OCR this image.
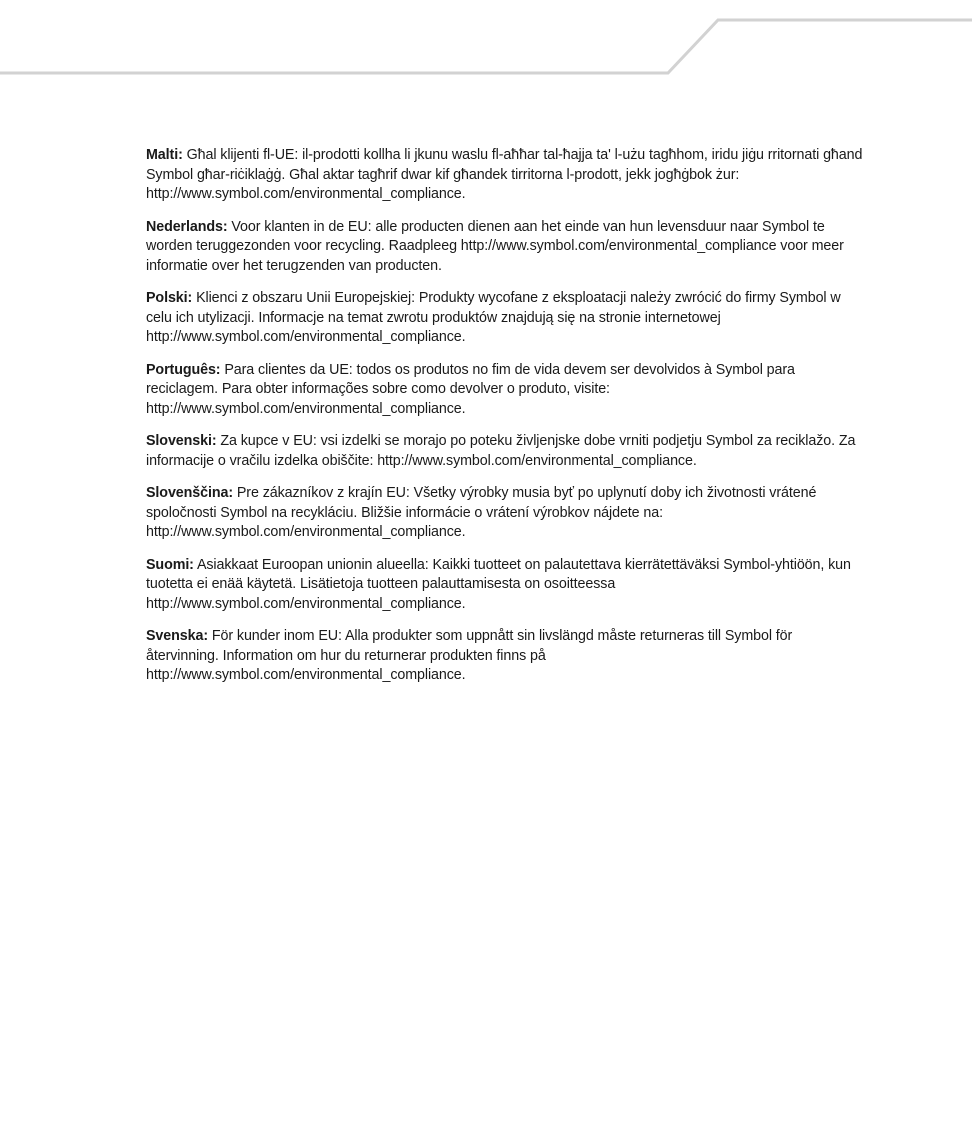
Malti: Għal klijenti fl-UE: il-prodotti kollha li jkunu waslu fl-aħħar tal-ħajja ta' l-użu tagħhom, iridu jiġu rritornati għand Symbol għar-riċiklaġġ. Għal aktar tagħrif dwar kif għandek tirritorna l-prodott, jekk jogħġbok żur: http://www.symbol.com/environmental_compliance.

Nederlands: Voor klanten in de EU: alle producten dienen aan het einde van hun levensduur naar Symbol te worden teruggezonden voor recycling. Raadpleeg http://www.symbol.com/environmental_compliance voor meer informatie over het terugzenden van producten.

Polski: Klienci z obszaru Unii Europejskiej: Produkty wycofane z eksploatacji należy zwrócić do firmy Symbol w celu ich utylizacji. Informacje na temat zwrotu produktów znajdują się na stronie internetowej http://www.symbol.com/environmental_compliance.

Português: Para clientes da UE: todos os produtos no fim de vida devem ser devolvidos à Symbol para reciclagem. Para obter informações sobre como devolver o produto, visite: http://www.symbol.com/environmental_compliance.

Slovenski: Za kupce v EU: vsi izdelki se morajo po poteku življenjske dobe vrniti podjetju Symbol za reciklažo. Za informacije o vračilu izdelka obiščite: http://www.symbol.com/environmental_compliance.

Slovenščina: Pre zákazníkov z krajín EU: Všetky výrobky musia byť po uplynutí doby ich životnosti vrátené spoločnosti Symbol na recykláciu. Bližšie informácie o vrátení výrobkov nájdete na: http://www.symbol.com/environmental_compliance.

Suomi: Asiakkaat Euroopan unionin alueella: Kaikki tuotteet on palautettava kierrätettäväksi Symbol-yhtiöön, kun tuotetta ei enää käytetä. Lisätietoja tuotteen palauttamisesta on osoitteessa http://www.symbol.com/environmental_compliance.

Svenska: För kunder inom EU: Alla produkter som uppnått sin livslängd måste returneras till Symbol för återvinning. Information om hur du returnerar produkten finns på http://www.symbol.com/environmental_compliance.
